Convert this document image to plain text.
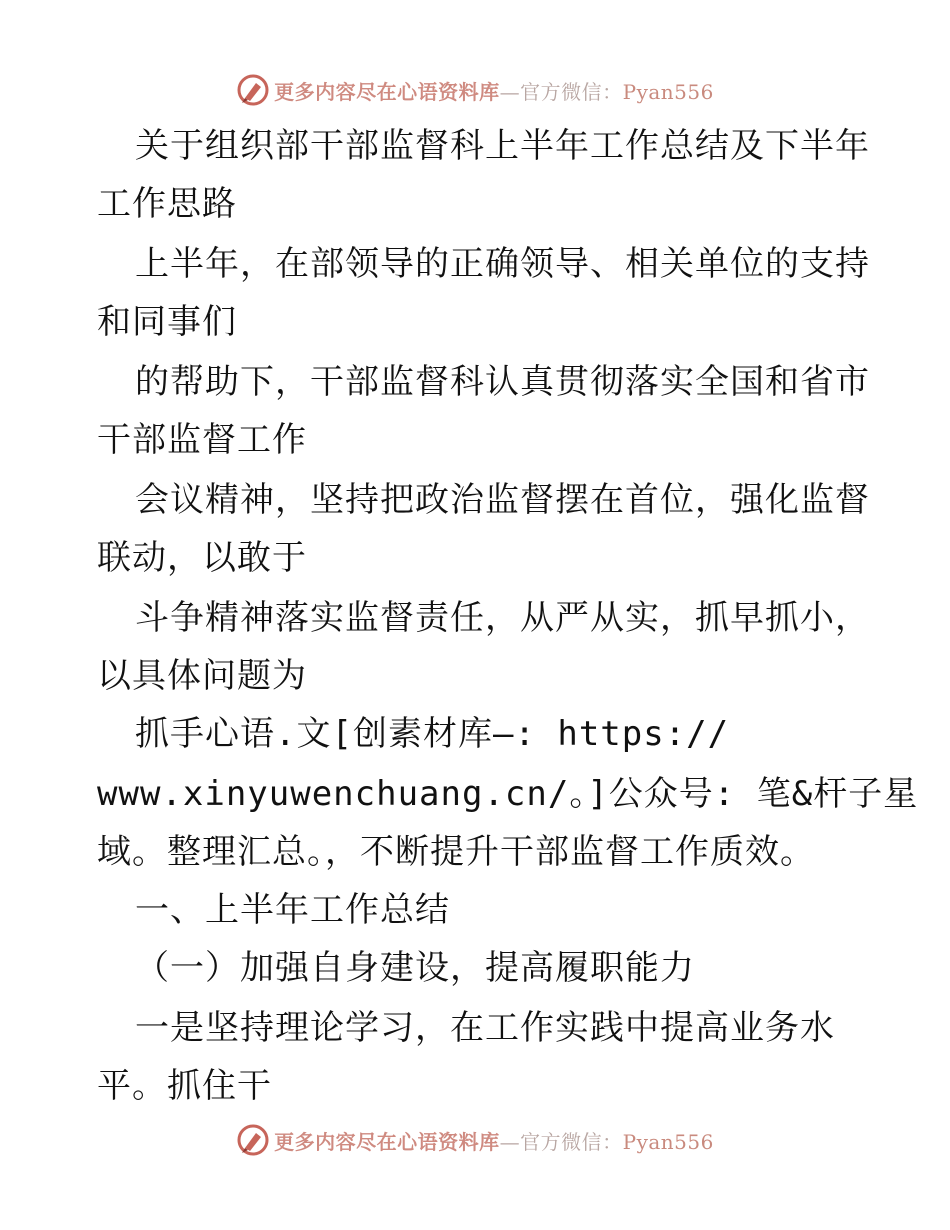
更多内容尽在心语资料库—官方微信：Pyan556
关于组织部干部监督科上半年工作总结及下半年
工作思路
上半年，在部领导的正确领导、相关单位的支持
和同事们
的帮助下，干部监督科认真贯彻落实全国和省市
干部监督工作
会议精神，坚持把政治监督摆在首位，强化监督
联动，以敢于
斗争精神落实监督责任，从严从实，抓早抓小，
以具体问题为
抓手心语.文[创素材库—: https://
www.xinyuwenchuang.cn/。]公众号: 笔&杆子星
域。整理汇总。，不断提升干部监督工作质效。
一、上半年工作总结
（一）加强自身建设，提高履职能力
一是坚持理论学习，在工作实践中提高业务水
平。抓住干
更多内容尽在心语资料库—官方微信：Pyan556
